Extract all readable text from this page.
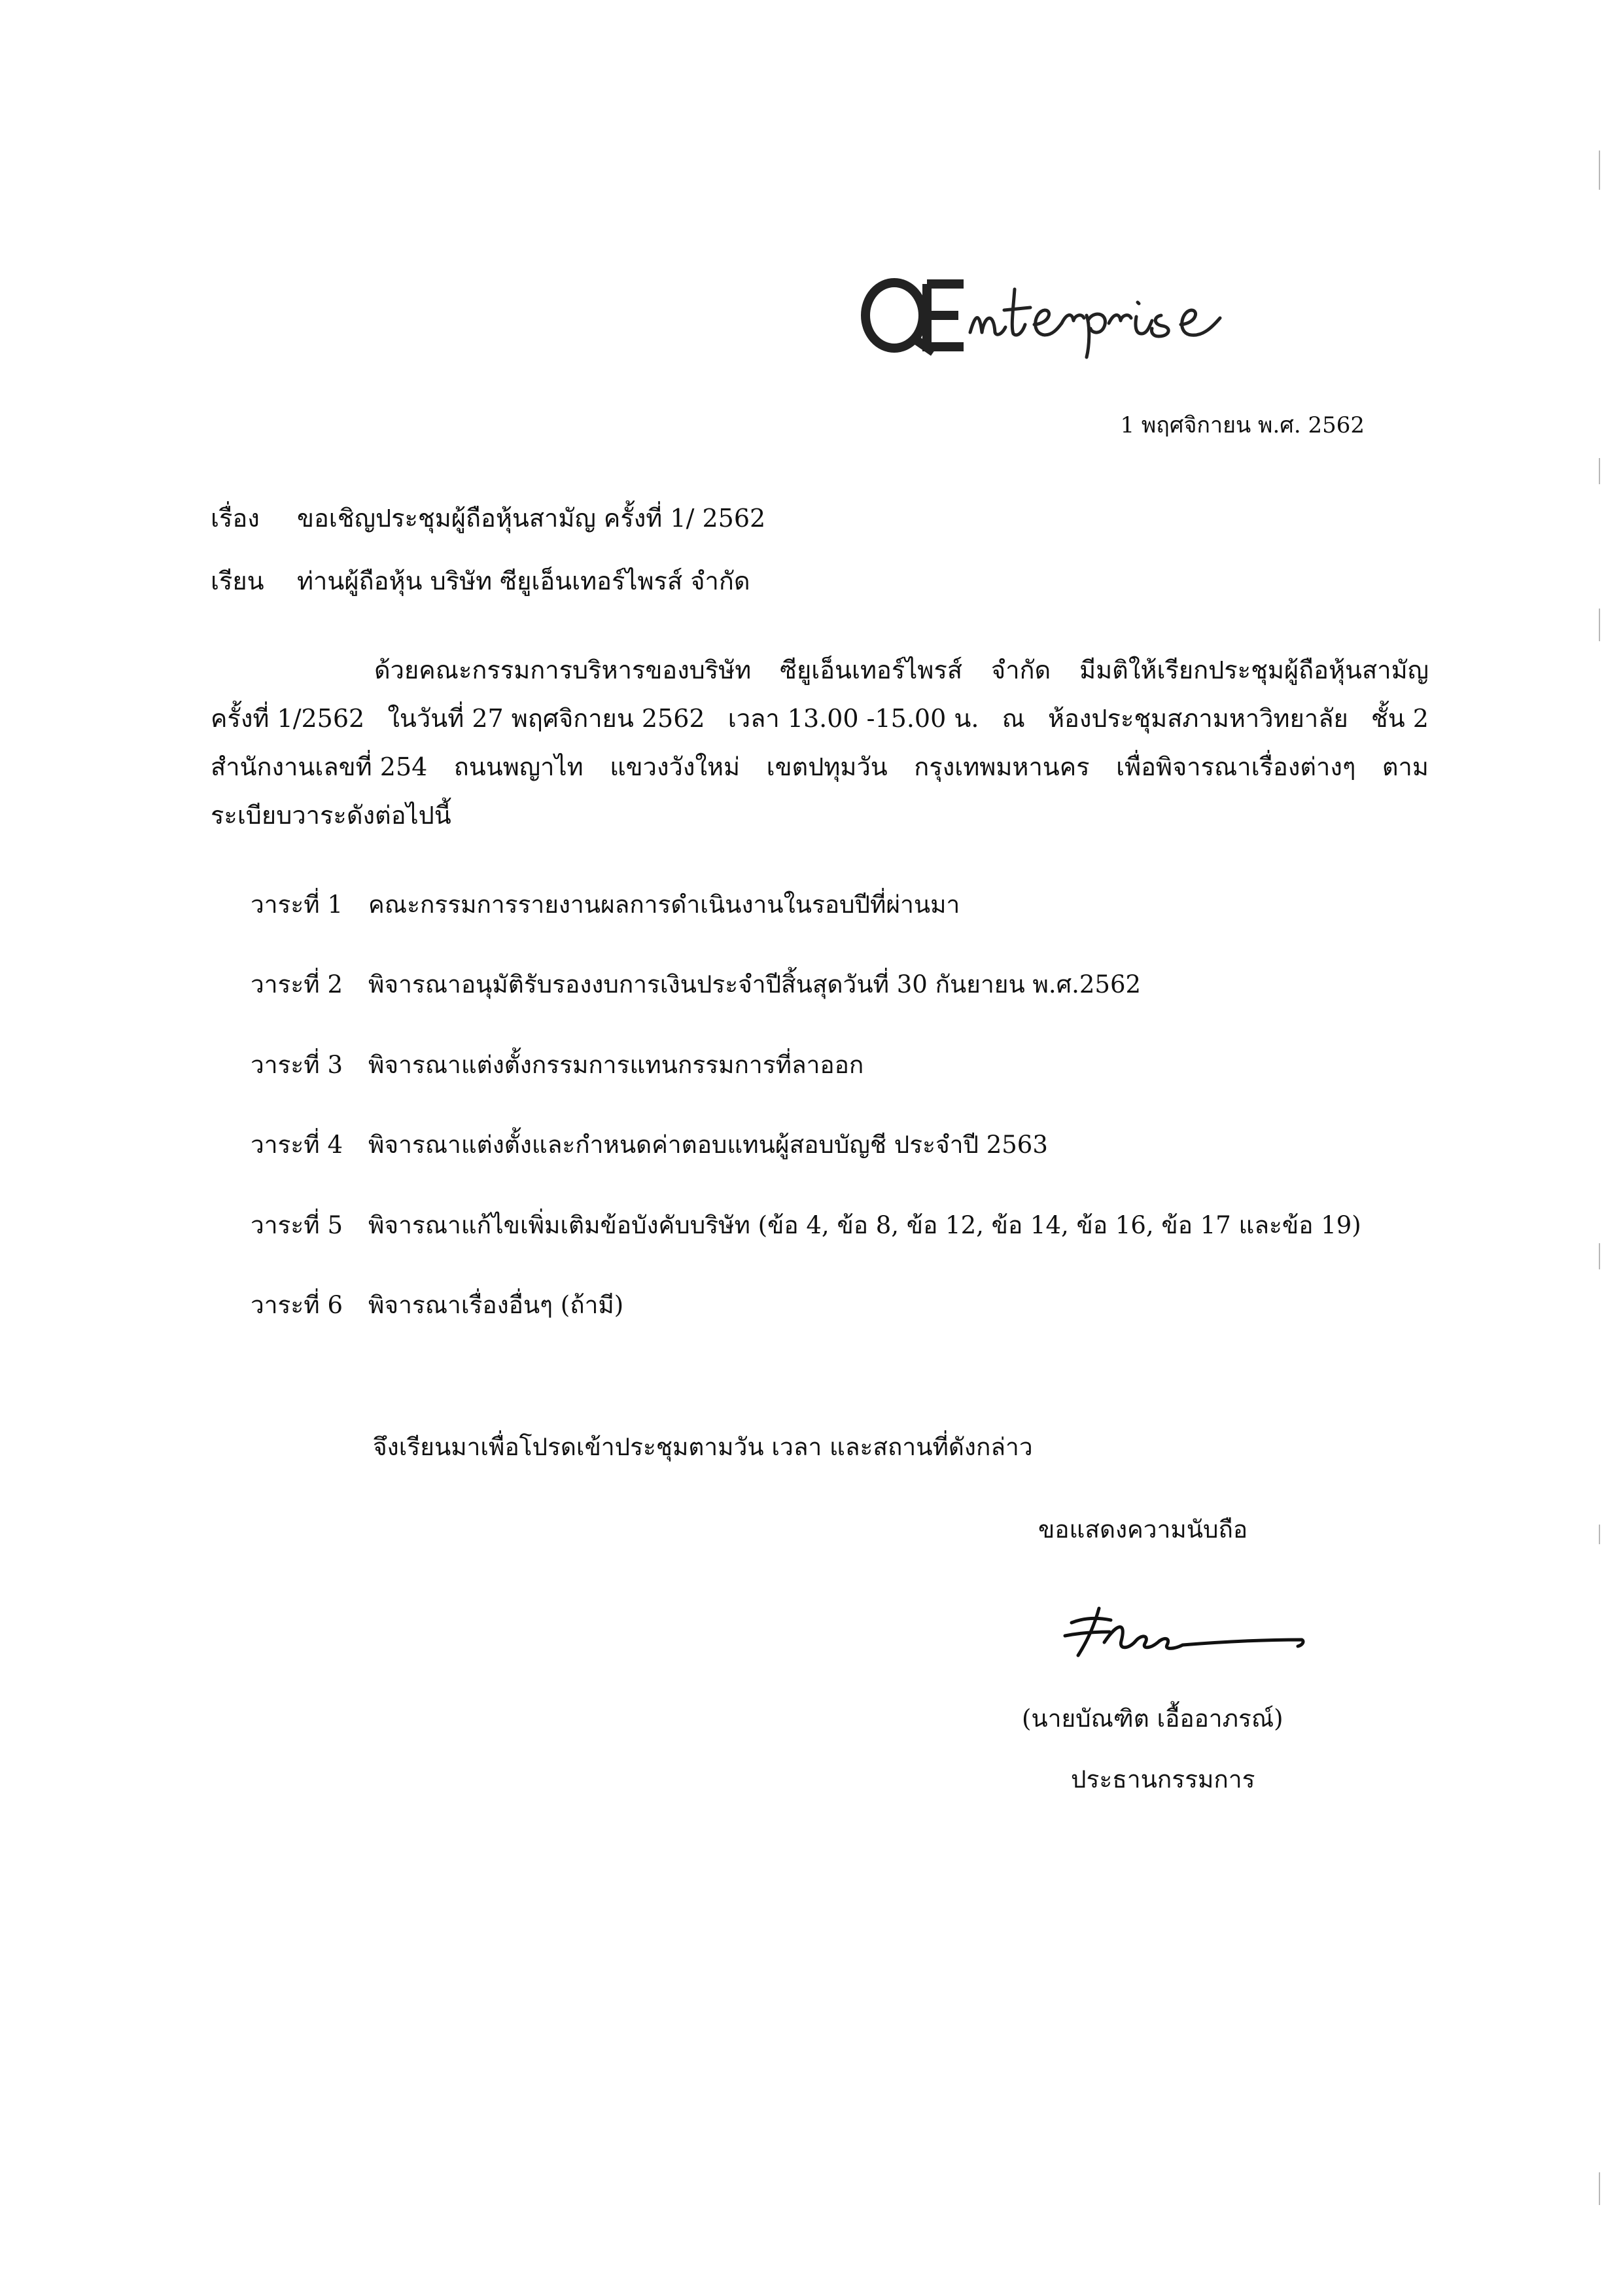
1 พฤศจิกายน พ.ศ. 2562
เรื่อง ขอเชิญประชุมผู้ถือหุ้นสามัญ ครั้งที่ 1/ 2562
เรียน ท่านผู้ถือหุ้น บริษัท ซียูเอ็นเทอร์ไพรส์ จำกัด
ด้วยคณะกรรมการบริหารของบริษัท ซียูเอ็นเทอร์ไพรส์ จำกัด มีมติให้เรียกประชุมผู้ถือหุ้นสามัญ
ครั้งที่ 1/2562 ในวันที่ 27 พฤศจิกายน 2562 เวลา 13.00 -15.00 น. ณ ห้องประชุมสภามหาวิทยาลัย ชั้น 2
สำนักงานเลขที่ 254 ถนนพญาไท แขวงวังใหม่ เขตปทุมวัน กรุงเทพมหานคร เพื่อพิจารณาเรื่องต่างๆ ตาม
ระเบียบวาระดังต่อไปนี้
วาระที่ 1 คณะกรรมการรายงานผลการดำเนินงานในรอบปีที่ผ่านมา
วาระที่ 2 พิจารณาอนุมัติรับรองงบการเงินประจำปีสิ้นสุดวันที่ 30 กันยายน พ.ศ.2562
วาระที่ 3 พิจารณาแต่งตั้งกรรมการแทนกรรมการที่ลาออก
วาระที่ 4 พิจารณาแต่งตั้งและกำหนดค่าตอบแทนผู้สอบบัญชี ประจำปี 2563
วาระที่ 5 พิจารณาแก้ไขเพิ่มเติมข้อบังคับบริษัท (ข้อ 4, ข้อ 8, ข้อ 12, ข้อ 14, ข้อ 16, ข้อ 17 และข้อ 19)
วาระที่ 6 พิจารณาเรื่องอื่นๆ (ถ้ามี)
จึงเรียนมาเพื่อโปรดเข้าประชุมตามวัน เวลา และสถานที่ดังกล่าว
ขอแสดงความนับถือ
(นายบัณฑิต เอื้ออาภรณ์)
ประธานกรรมการ
